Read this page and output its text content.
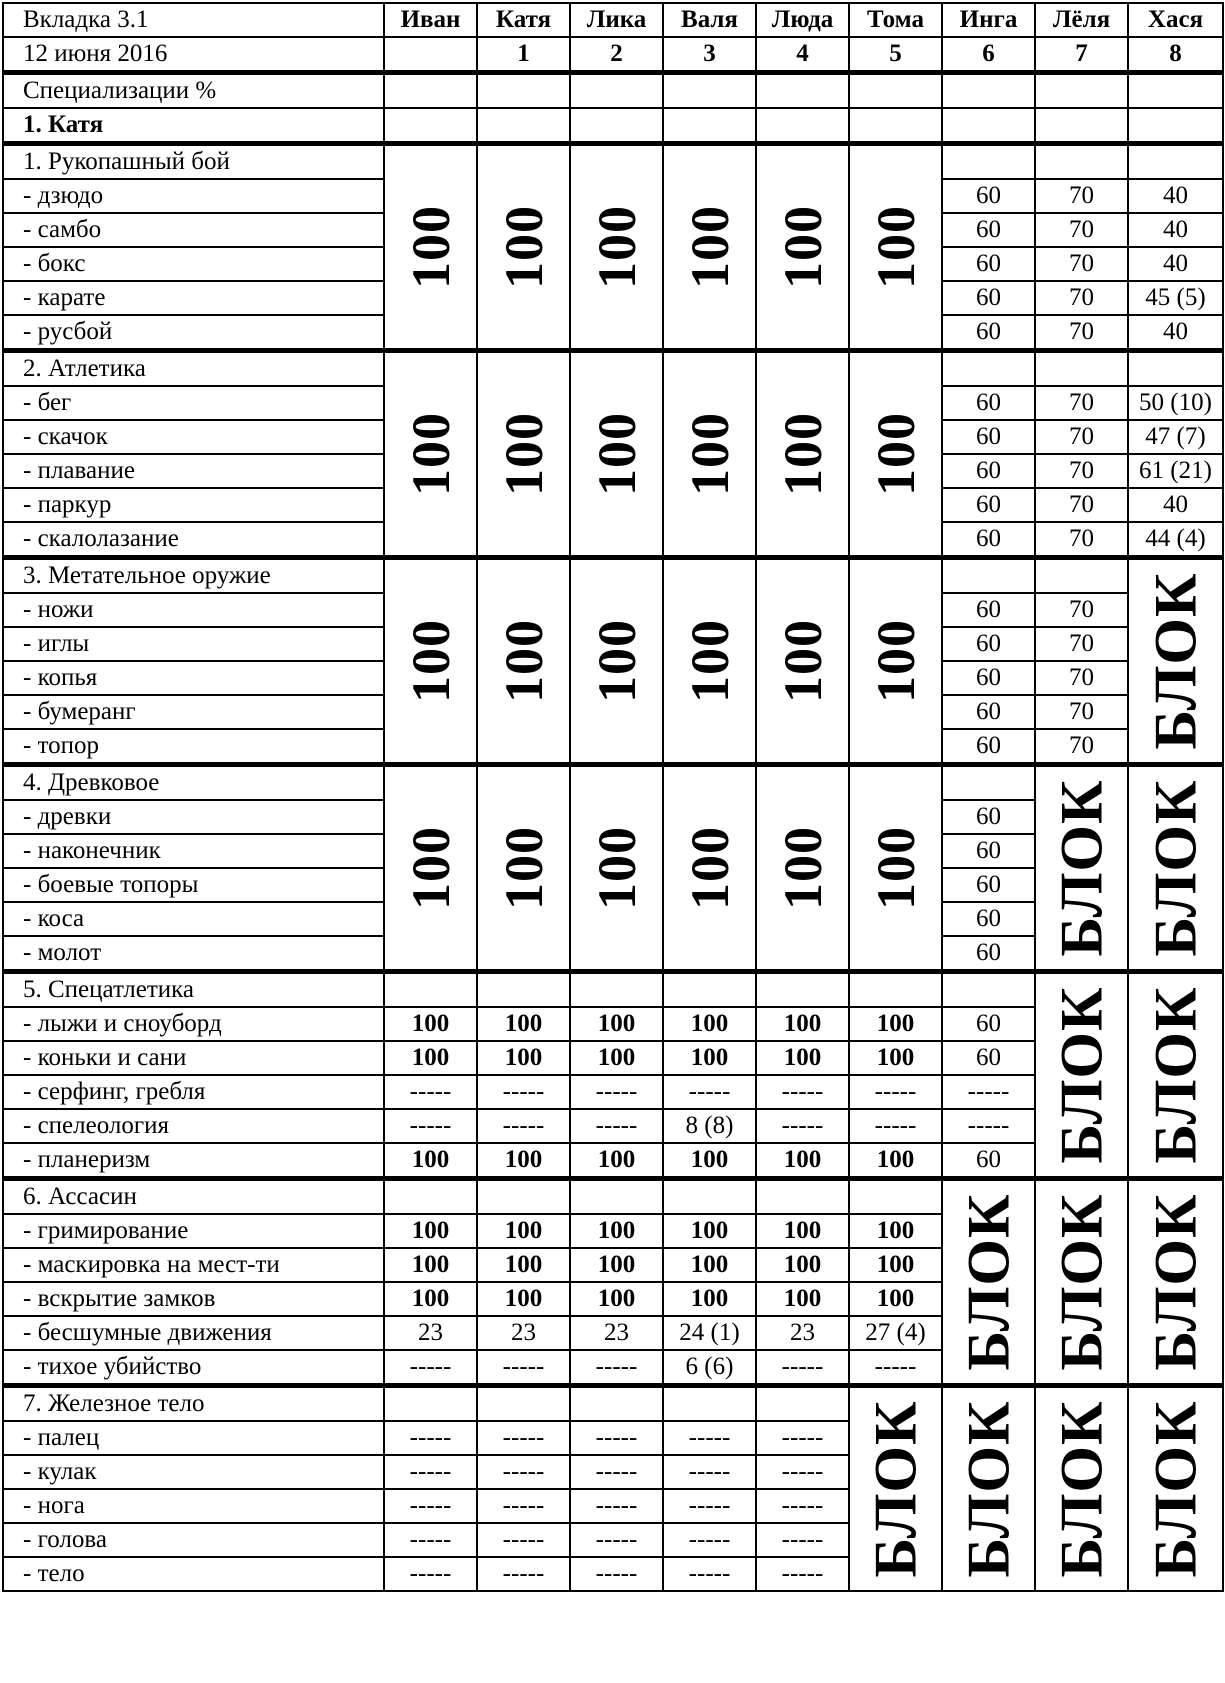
Вкладка 3.1	Иван	Катя	Лика	Валя	Люда	Тома	Инга	Лёля	Хася
12 июня 2016		1	2	3	4	5	6	7	8
Специализации %									
1. Катя									
1. Рукопашный бой	100	100	100	100	100	100			

- дзюдо							60	70	40
- самбо							60	70	40
- бокс							60	70	40
- карате							60	70	45 (5)
- русбой							60	70	40
2. Атлетика	100	100	100	100	100	100			

- бег							60	70	50 (10)
- скачок							60	70	47 (7)
- плавание							60	70	61 (21)
- паркур							60	70	40
- скалолазание							60	70	44 (4)
3. Метательное оружие	100	100	100	100	100	100			БЛОК

- ножи							60	70	
- иглы							60	70	
- копья							60	70	
- бумеранг							60	70	
- топор							60	70	
4. Древковое	100	100	100	100	100	100		БЛОК	БЛОК

- древки							60		
- наконечник							60		
- боевые топоры							60		
- коса							60		
- молот							60		
5. Спецатлетика								БЛОК	БЛОК

- лыжи и сноуборд	100	100	100	100	100	100	60		
- коньки и сани	100	100	100	100	100	100	60		
- серфинг, гребля	-----	-----	-----	-----	-----	-----	-----		
- спелеология	-----	-----	-----	8 (8)	-----	-----	-----		
- планеризм	100	100	100	100	100	100	60		
6. Ассасин							БЛОК	БЛОК	БЛОК

- гримирование	100	100	100	100	100	100			
- маскировка на мест-ти	100	100	100	100	100	100			
- вскрытие замков	100	100	100	100	100	100			
- бесшумные движения	23	23	23	24 (1)	23	27 (4)			
- тихое убийство	-----	-----	-----	6 (6)	-----	-----			
7. Железное тело						БЛОК	БЛОК	БЛОК	БЛОК

- палец	-----	-----	-----	-----	-----				
- кулак	-----	-----	-----	-----	-----				
- нога	-----	-----	-----	-----	-----				
- голова	-----	-----	-----	-----	-----				
- тело	-----	-----	-----	-----	-----				
